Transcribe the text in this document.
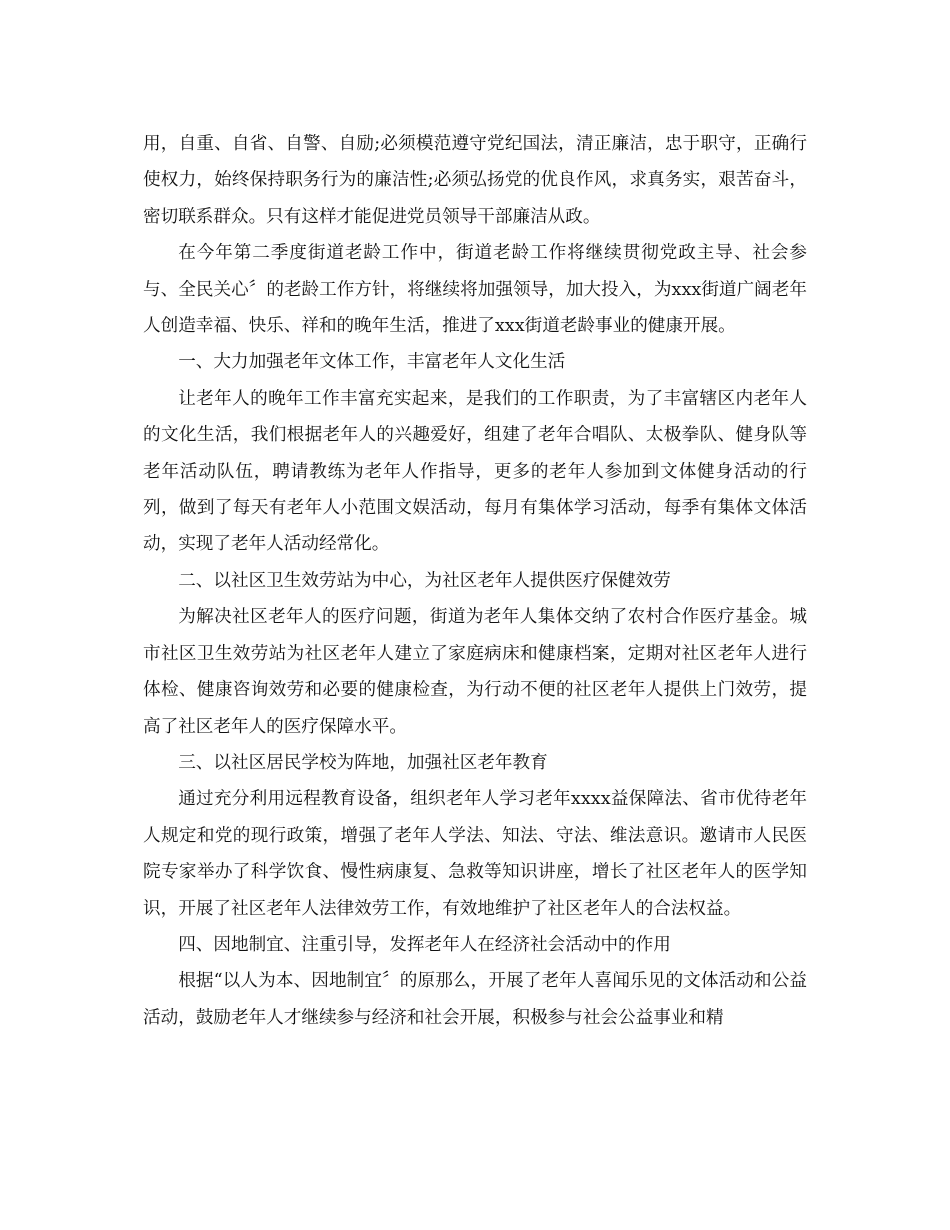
用，自重、自省、自警、自励;必须模范遵守党纪国法，清正廉洁，忠于职守，正确行使权力，始终保持职务行为的廉洁性;必须弘扬党的优良作风，求真务实，艰苦奋斗，密切联系群众。只有这样才能促进党员领导干部廉洁从政。

在今年第二季度街道老龄工作中，街道老龄工作将继续贯彻党政主导、社会参与、全民关心〞的老龄工作方针，将继续将加强领导，加大投入，为xxx街道广阔老年人创造幸福、快乐、祥和的晚年生活，推进了xxx街道老龄事业的健康开展。

一、大力加强老年文体工作，丰富老年人文化生活

让老年人的晚年工作丰富充实起来，是我们的工作职责，为了丰富辖区内老年人的文化生活，我们根据老年人的兴趣爱好，组建了老年合唱队、太极拳队、健身队等老年活动队伍，聘请教练为老年人作指导，更多的老年人参加到文体健身活动的行列，做到了每天有老年人小范围文娱活动，每月有集体学习活动，每季有集体文体活动，实现了老年人活动经常化。

二、以社区卫生效劳站为中心，为社区老年人提供医疗保健效劳

为解决社区老年人的医疗问题，街道为老年人集体交纳了农村合作医疗基金。城市社区卫生效劳站为社区老年人建立了家庭病床和健康档案，定期对社区老年人进行体检、健康咨询效劳和必要的健康检查，为行动不便的社区老年人提供上门效劳，提高了社区老年人的医疗保障水平。

三、以社区居民学校为阵地，加强社区老年教育

通过充分利用远程教育设备，组织老年人学习老年xxxx益保障法、省市优待老年人规定和党的现行政策，增强了老年人学法、知法、守法、维法意识。邀请市人民医院专家举办了科学饮食、慢性病康复、急救等知识讲座，增长了社区老年人的医学知识，开展了社区老年人法律效劳工作，有效地维护了社区老年人的合法权益。

四、因地制宜、注重引导，发挥老年人在经济社会活动中的作用

根据“以人为本、因地制宜〞的原那么，开展了老年人喜闻乐见的文体活动和公益活动，鼓励老年人才继续参与经济和社会开展，积极参与社会公益事业和精
